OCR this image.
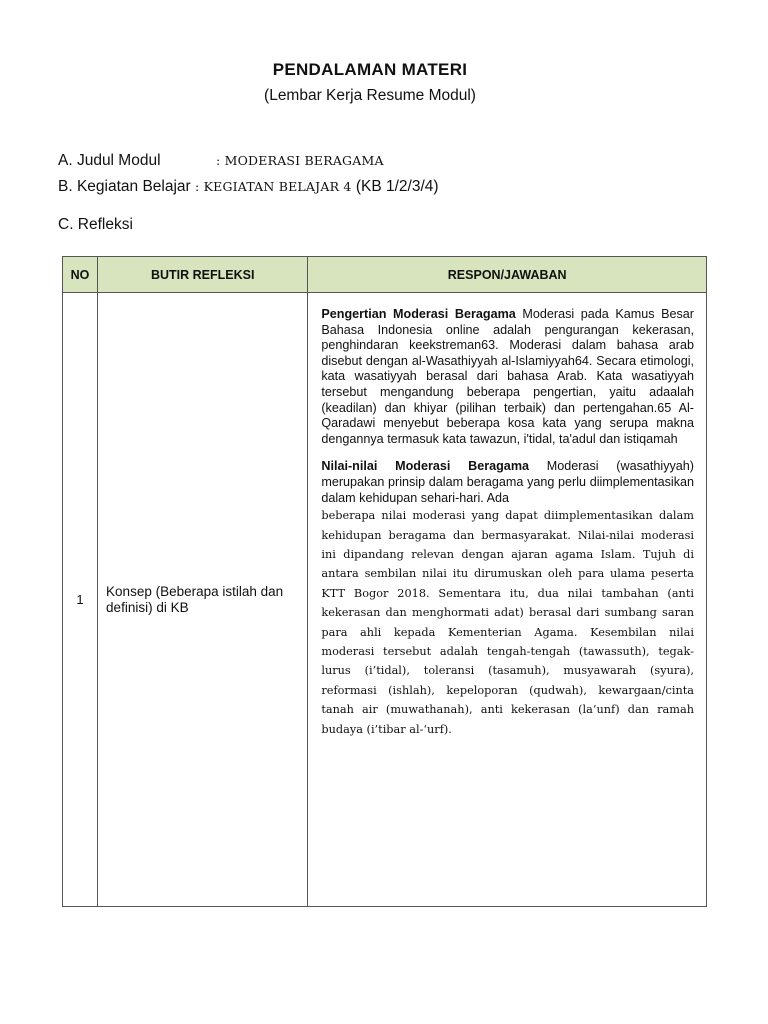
PENDALAMAN MATERI
(Lembar Kerja Resume Modul)
A. Judul Modul	: MODERASI BERAGAMA
B. Kegiatan Belajar : KEGIATAN BELAJAR 4 (KB 1/2/3/4)
C. Refleksi
NO	BUTIR REFLEKSI	RESPON/JAWABAN
1	Konsep (Beberapa istilah dan definisi) di KB	Pengertian Moderasi Beragama Moderasi pada Kamus Besar Bahasa Indonesia online adalah pengurangan kekerasan, penghindaran keekstreman63. Moderasi dalam bahasa arab disebut dengan al-Wasathiyyah al-Islamiyyah64. Secara etimologi, kata wasatiyyah berasal dari bahasa Arab. Kata wasatiyyah tersebut mengandung beberapa pengertian, yaitu adaalah (keadilan) dan khiyar (pilihan terbaik) dan pertengahan.65 Al-Qaradawi menyebut beberapa kosa kata yang serupa makna dengannya termasuk kata tawazun, i'tidal, ta'adul dan istiqamah

Nilai-nilai Moderasi Beragama Moderasi (wasathiyyah) merupakan prinsip dalam beragama yang perlu diimplementasikan dalam kehidupan sehari-hari. Ada

beberapa nilai moderasi yang dapat diimplementasikan dalam kehidupan beragama dan bermasyarakat. Nilai-nilai moderasi ini dipandang relevan dengan ajaran agama Islam. Tujuh di antara sembilan nilai itu dirumuskan oleh para ulama peserta KTT Bogor 2018. Sementara itu, dua nilai tambahan (anti kekerasan dan menghormati adat) berasal dari sumbang saran para ahli kepada Kementerian Agama. Kesembilan nilai moderasi tersebut adalah tengah-tengah (tawassuth), tegak-lurus (i’tidal), toleransi (tasamuh), musyawarah (syura), reformasi (ishlah), kepeloporan (qudwah), kewargaan/cinta tanah air (muwathanah), anti kekerasan (la’unf) dan ramah budaya (i’tibar al-‘urf).
